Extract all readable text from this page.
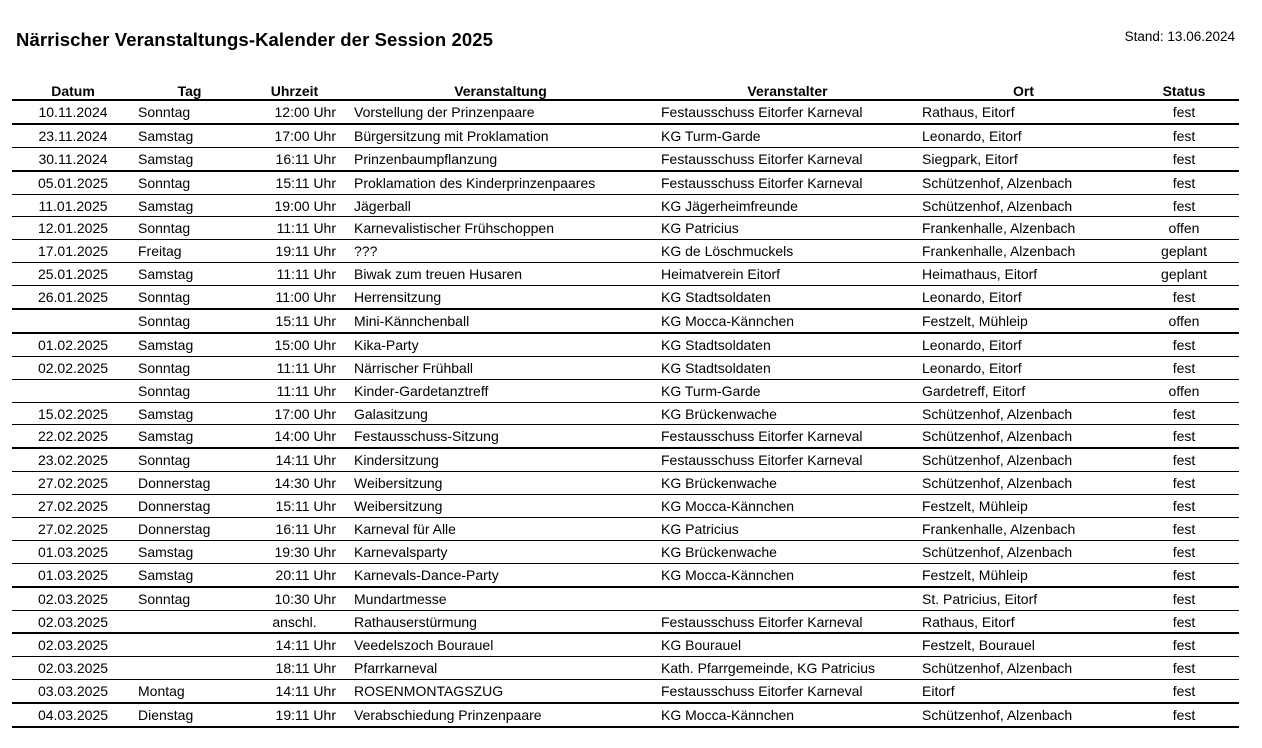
Närrischer Veranstaltungs-Kalender der Session 2025	Stand: 13.06.2024
Datum	Tag	Uhrzeit	Veranstaltung	Veranstalter	Ort	Status
10.11.2024	Sonntag	12:00 Uhr	Vorstellung der Prinzenpaare	Festausschuss Eitorfer Karneval	Rathaus, Eitorf	fest
23.11.2024	Samstag	17:00 Uhr	Bürgersitzung mit Proklamation	KG Turm-Garde	Leonardo, Eitorf	fest
30.11.2024	Samstag	16:11 Uhr	Prinzenbaumpflanzung	Festausschuss Eitorfer Karneval	Siegpark, Eitorf	fest
05.01.2025	Sonntag	15:11 Uhr	Proklamation des Kinderprinzenpaares	Festausschuss Eitorfer Karneval	Schützenhof, Alzenbach	fest
11.01.2025	Samstag	19:00 Uhr	Jägerball	KG Jägerheimfreunde	Schützenhof, Alzenbach	fest
12.01.2025	Sonntag	11:11 Uhr	Karnevalistischer Frühschoppen	KG Patricius	Frankenhalle, Alzenbach	offen
17.01.2025	Freitag	19:11 Uhr	???	KG de Löschmuckels	Frankenhalle, Alzenbach	geplant
25.01.2025	Samstag	11:11 Uhr	Biwak zum treuen Husaren	Heimatverein Eitorf	Heimathaus, Eitorf	geplant
26.01.2025	Sonntag	11:00 Uhr	Herrensitzung	KG Stadtsoldaten	Leonardo, Eitorf	fest
	Sonntag	15:11 Uhr	Mini-Kännchenball	KG Mocca-Kännchen	Festzelt, Mühleip	offen
01.02.2025	Samstag	15:00 Uhr	Kika-Party	KG Stadtsoldaten	Leonardo, Eitorf	fest
02.02.2025	Sonntag	11:11 Uhr	Närrischer Frühball	KG Stadtsoldaten	Leonardo, Eitorf	fest
	Sonntag	11:11 Uhr	Kinder-Gardetanztreff	KG Turm-Garde	Gardetreff, Eitorf	offen
15.02.2025	Samstag	17:00 Uhr	Galasitzung	KG Brückenwache	Schützenhof, Alzenbach	fest
22.02.2025	Samstag	14:00 Uhr	Festausschuss-Sitzung	Festausschuss Eitorfer Karneval	Schützenhof, Alzenbach	fest
23.02.2025	Sonntag	14:11 Uhr	Kindersitzung	Festausschuss Eitorfer Karneval	Schützenhof, Alzenbach	fest
27.02.2025	Donnerstag	14:30 Uhr	Weibersitzung	KG Brückenwache	Schützenhof, Alzenbach	fest
27.02.2025	Donnerstag	15:11 Uhr	Weibersitzung	KG Mocca-Kännchen	Festzelt, Mühleip	fest
27.02.2025	Donnerstag	16:11 Uhr	Karneval für Alle	KG Patricius	Frankenhalle, Alzenbach	fest
01.03.2025	Samstag	19:30 Uhr	Karnevalsparty	KG Brückenwache	Schützenhof, Alzenbach	fest
01.03.2025	Samstag	20:11 Uhr	Karnevals-Dance-Party	KG Mocca-Kännchen	Festzelt, Mühleip	fest
02.03.2025	Sonntag	10:30 Uhr	Mundartmesse		St. Patricius, Eitorf	fest
02.03.2025		anschl.	Rathauserstürmung	Festausschuss Eitorfer Karneval	Rathaus, Eitorf	fest
02.03.2025		14:11 Uhr	Veedelszoch Bourauel	KG Bourauel	Festzelt, Bourauel	fest
02.03.2025		18:11 Uhr	Pfarrkarneval	Kath. Pfarrgemeinde, KG Patricius	Schützenhof, Alzenbach	fest
03.03.2025	Montag	14:11 Uhr	ROSENMONTAGSZUG	Festausschuss Eitorfer Karneval	Eitorf	fest
04.03.2025	Dienstag	19:11 Uhr	Verabschiedung Prinzenpaare	KG Mocca-Kännchen	Schützenhof, Alzenbach	fest
